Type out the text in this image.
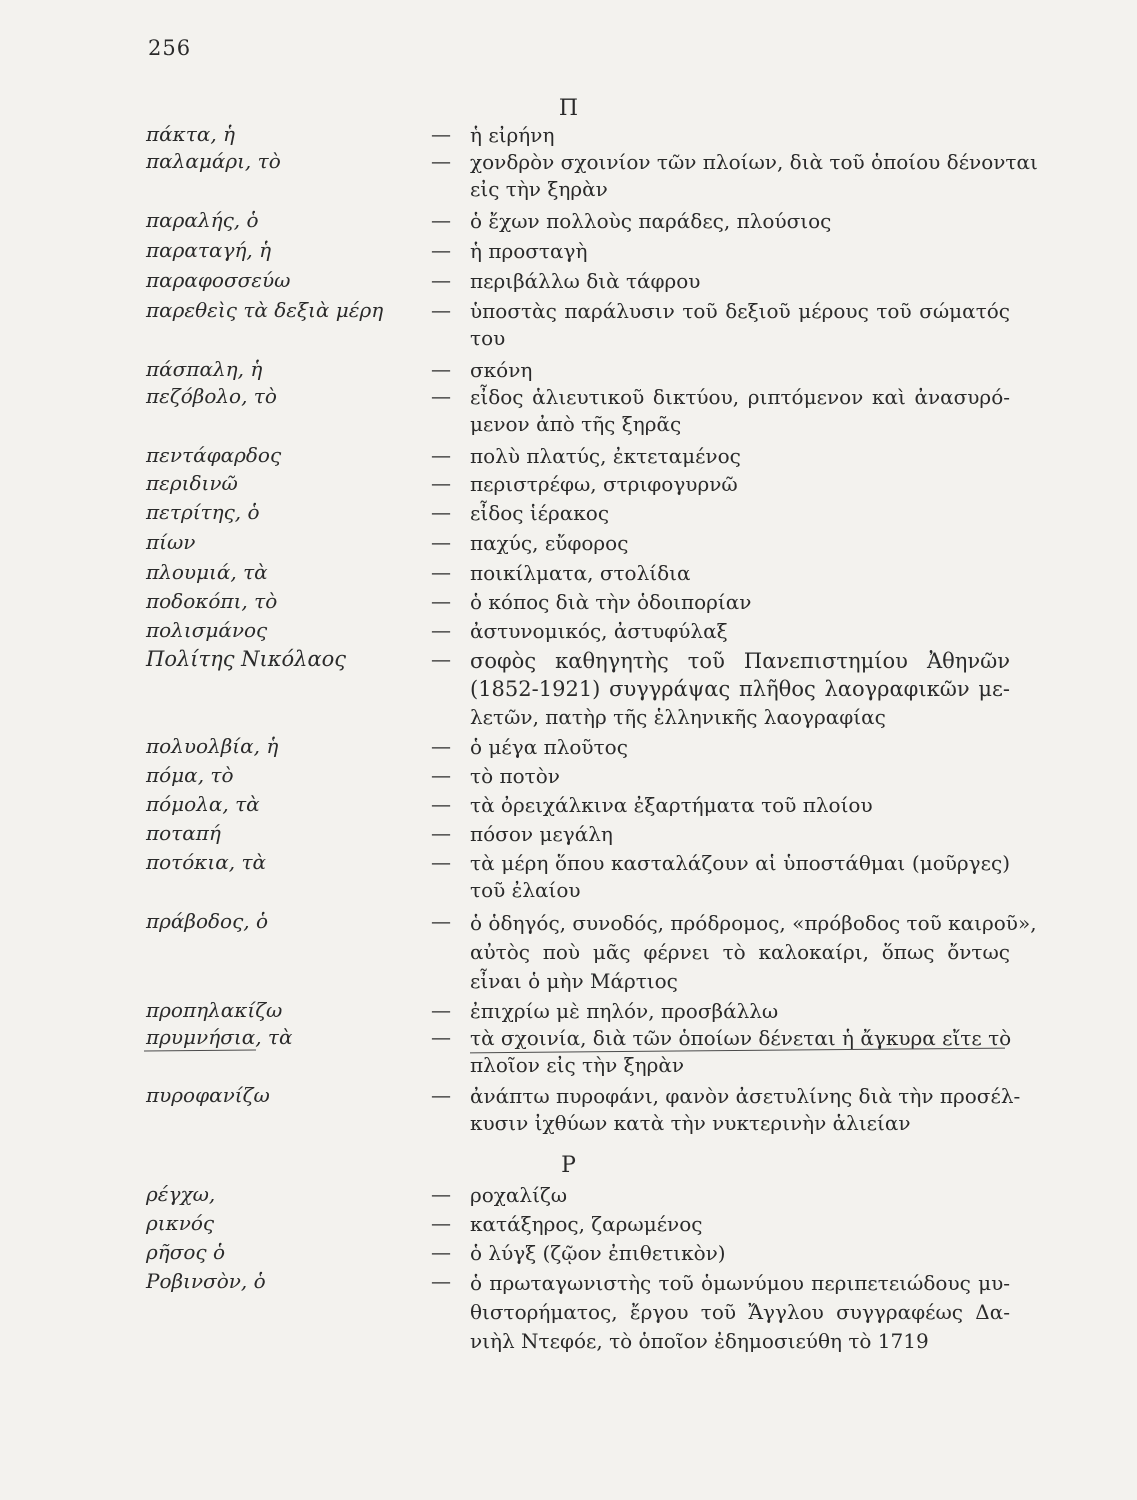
256
Π
πάκτα, ἡ	— ἡ εἰρήνη
παλαμάρι, τὸ	— χονδρὸν σχοινίον τῶν πλοίων, διὰ τοῦ ὁποίου δένονται
εἰς τὴν ξηρὰν
παραλής, ὁ	— ὁ ἔχων πολλοὺς παράδες, πλούσιος
παραταγή, ἡ	— ἡ προσταγὴ
παραφοσσεύω	— περιβάλλω διὰ τάφρου
παρεθεὶς τὰ δεξιὰ μέρη — ὑποστὰς παράλυσιν τοῦ δεξιοῦ μέρους τοῦ σώματός
του
πάσπαλη, ἡ	— σκόνη
πεζόβολο, τὸ	— εἶδος ἁλιευτικοῦ δικτύου, ριπτόμενον καὶ ἀνασυρό-
μενον ἀπὸ τῆς ξηρᾶς
πεντάφαρδος	— πολὺ πλατύς, ἐκτεταμένος
περιδινῶ	— περιστρέφω, στριφογυρνῶ
πετρίτης, ὁ	— εἶδος ἱέρακος
πίων	— παχύς, εὔφορος
πλουμιά, τὰ	— ποικίλματα, στολίδια
ποδοκόπι, τὸ	— ὁ κόπος διὰ τὴν ὁδοιπορίαν
πολισμάνος	— ἀστυνομικός, ἀστυφύλαξ
Πολίτης Νικόλαος	— σοφὸς καθηγητὴς τοῦ Πανεπιστημίου Ἀθηνῶν
(1852-1921) συγγράψας πλῆθος λαογραφικῶν με-
λετῶν, πατὴρ τῆς ἑλληνικῆς λαογραφίας
πολυολβία, ἡ	— ὁ μέγα πλοῦτος
πόμα, τὸ	— τὸ ποτὸν
πόμολα, τὰ	— τὰ ὀρειχάλκινα ἐξαρτήματα τοῦ πλοίου
ποταπή	— πόσον μεγάλη
ποτόκια, τὰ	— τὰ μέρη ὅπου κασταλάζουν αἱ ὑποστάθμαι (μοῦργες)
τοῦ ἐλαίου
πράβοδος, ὁ	— ὁ ὁδηγός, συνοδός, πρόδρομος, «πρόβοδος τοῦ καιροῦ»,
αὐτὸς ποὺ μᾶς φέρνει τὸ καλοκαίρι, ὅπως ὄντως
εἶναι ὁ μὴν Μάρτιος
προπηλακίζω	— ἐπιχρίω μὲ πηλόν, προσβάλλω
πρυμνήσια, τὰ	— τὰ σχοινία, διὰ τῶν ὁποίων δένεται ἡ ἄγκυρα εἴτε τὸ
πλοῖον εἰς τὴν ξηρὰν
πυροφανίζω	— ἀνάπτω πυροφάνι, φανὸν ἀσετυλίνης διὰ τὴν προσέλ-
κυσιν ἰχθύων κατὰ τὴν νυκτερινὴν ἁλιείαν
Ρ
ρέγχω,	— ροχαλίζω
ρικνός	— κατάξηρος, ζαρωμένος
ρῆσος ὁ	— ὁ λύγξ (ζῷον ἐπιθετικὸν)
Ροβινσὸν, ὁ	— ὁ πρωταγωνιστὴς τοῦ ὁμωνύμου περιπετειώδους μυ-
θιστορήματος, ἔργου τοῦ Ἄγγλου συγγραφέως Δα-
νιὴλ Ντεφόε, τὸ ὁποῖον ἐδημοσιεύθη τὸ 1719
